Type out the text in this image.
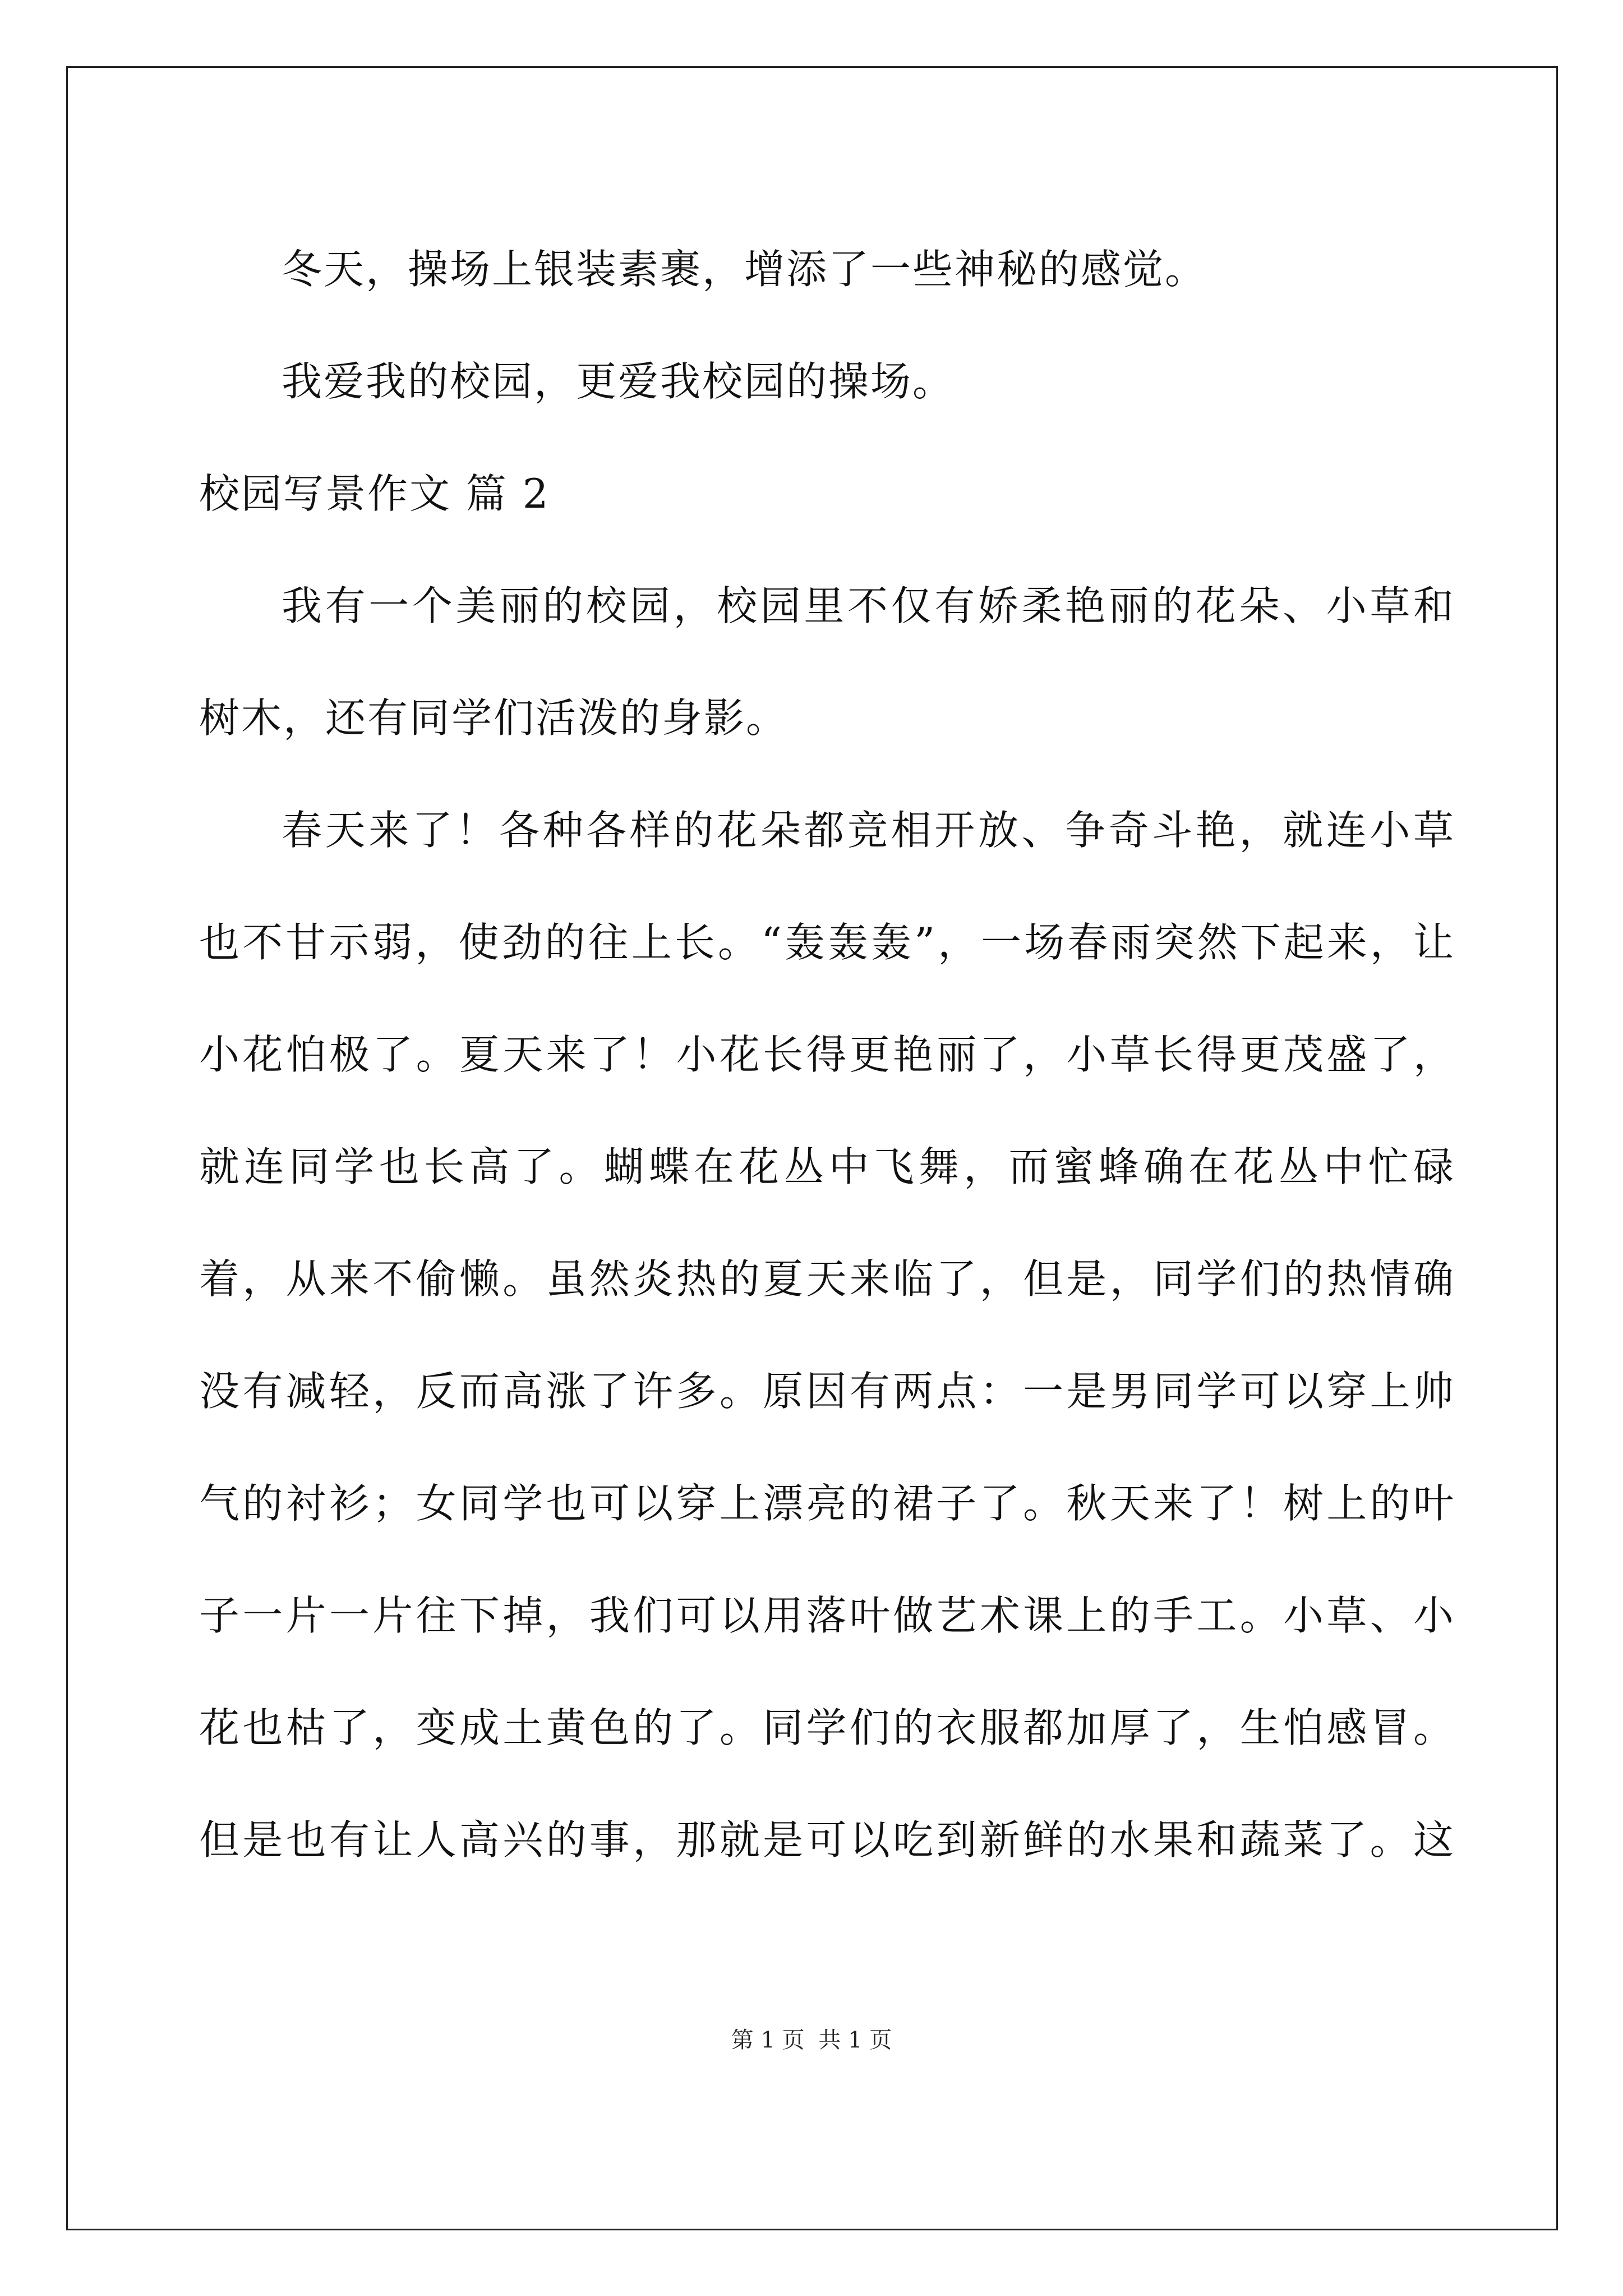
冬天，操场上银装素裹，增添了一些神秘的感觉。

我爱我的校园，更爱我校园的操场。

校园写景作文 篇 2

我有一个美丽的校园，校园里不仅有娇柔艳丽的花朵、小草和树木，还有同学们活泼的身影。

春天来了！各种各样的花朵都竞相开放、争奇斗艳，就连小草也不甘示弱，使劲的往上长。“轰轰轰”，一场春雨突然下起来，让小花怕极了。夏天来了！小花长得更艳丽了，小草长得更茂盛了，就连同学也长高了。蝴蝶在花丛中飞舞，而蜜蜂确在花丛中忙碌着，从来不偷懒。虽然炎热的夏天来临了，但是，同学们的热情确没有减轻，反而高涨了许多。原因有两点：一是男同学可以穿上帅气的衬衫；女同学也可以穿上漂亮的裙子了。秋天来了！树上的叶子一片一片往下掉，我们可以用落叶做艺术课上的手工。小草、小花也枯了，变成土黄色的了。同学们的衣服都加厚了，生怕感冒。但是也有让人高兴的事，那就是可以吃到新鲜的水果和蔬菜了。这

第 1 页 共 1 页
